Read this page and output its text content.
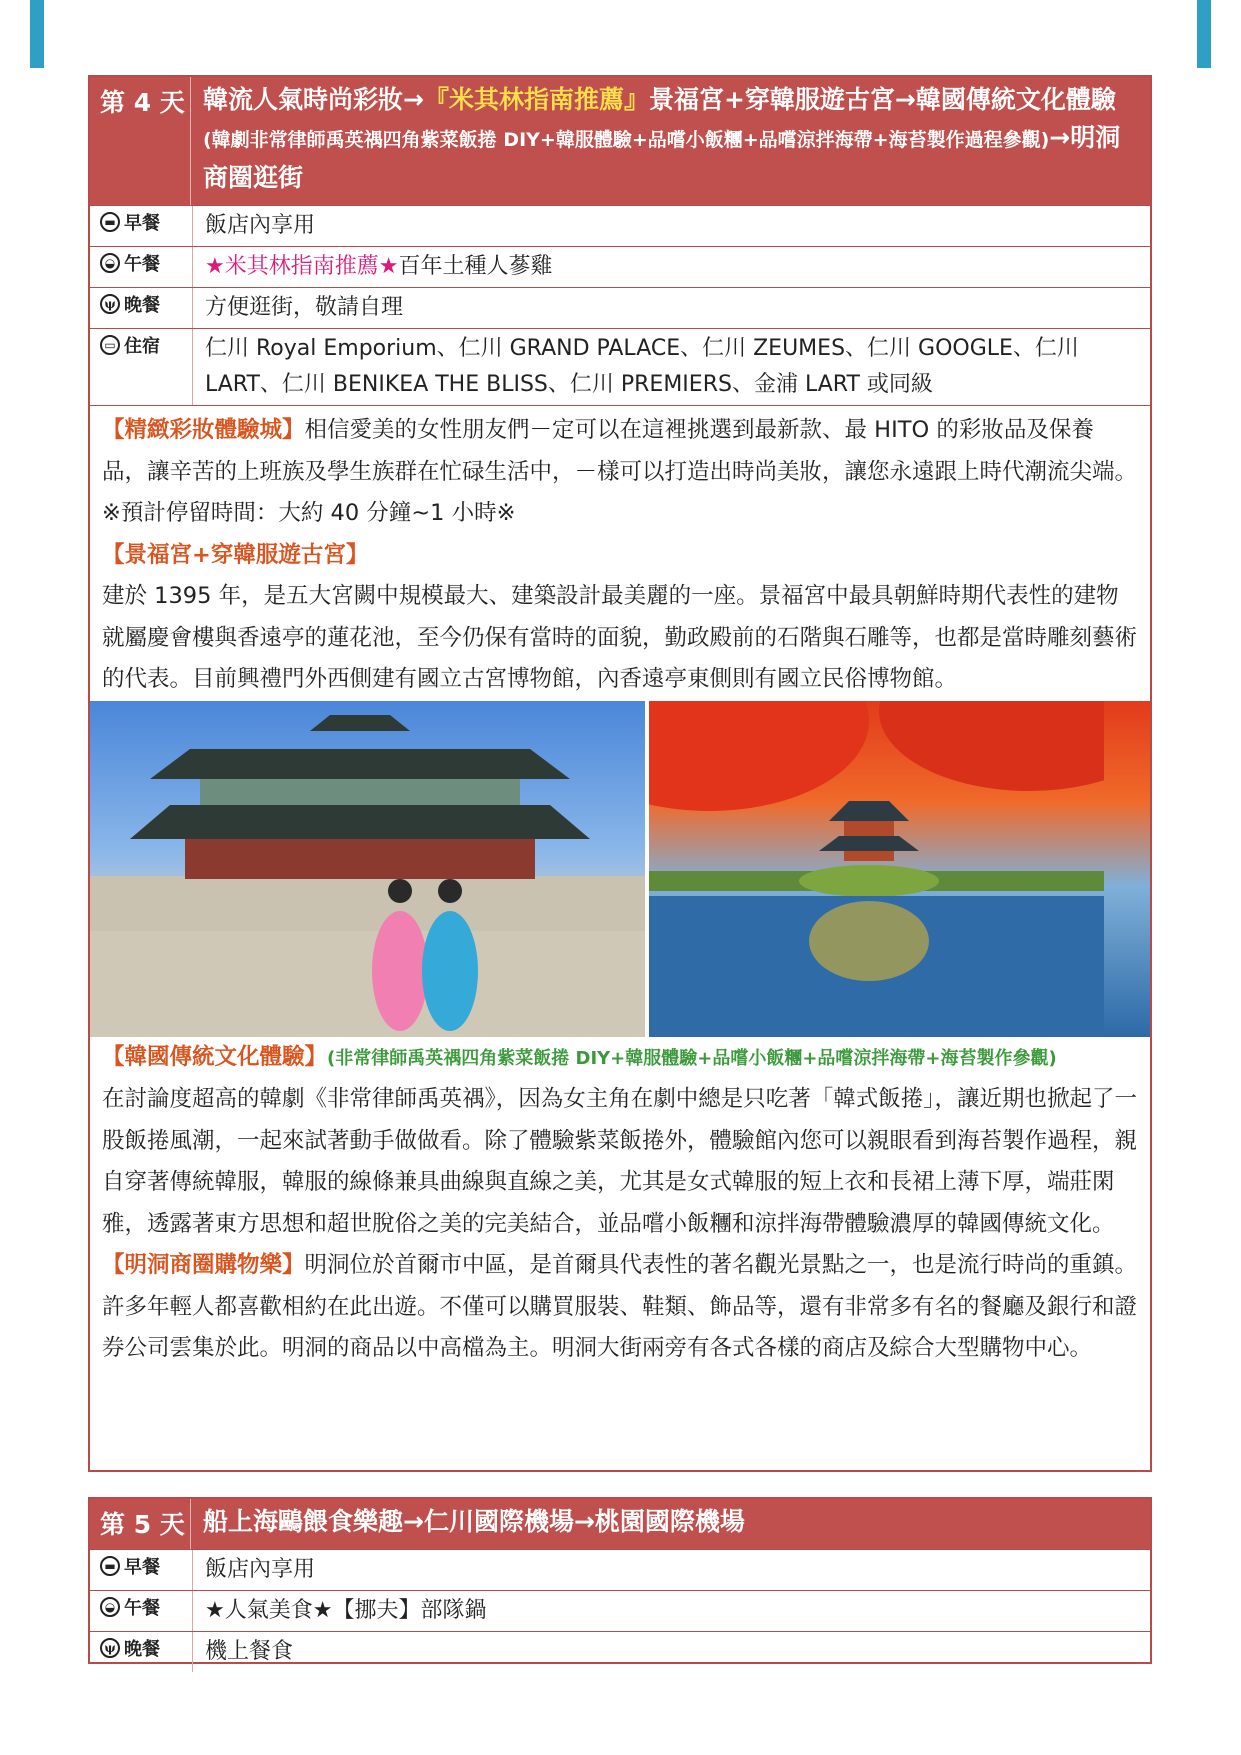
第 4 天 韓流人氣時尚彩妝→『米其林指南推薦』景福宮+穿韓服遊古宮→韓國傳統文化體驗(韓劇非常律師禹英禑四角紫菜飯捲 DIY+韓服體驗+品嚐小飯糰+品嚐涼拌海帶+海苔製作過程參觀)→明洞商圈逛街
▬ 早餐	飯店內享用
◒ 午餐	★米其林指南推薦★百年土種人蔘雞
ψ 晚餐	方便逛街，敬請自理
▭ 住宿	仁川 Royal Emporium、仁川 GRAND PALACE、仁川 ZEUMES、仁川 GOOGLE、仁川 LART、仁川 BENIKEA THE BLISS、仁川 PREMIERS、金浦 LART 或同級

【精緻彩妝體驗城】相信愛美的女性朋友們－定可以在這裡挑選到最新款、最 HITO 的彩妝品及保養品，讓辛苦的上班族及學生族群在忙碌生活中，－樣可以打造出時尚美妝，讓您永遠跟上時代潮流尖端。 ※預計停留時間：大約 40 分鐘~1 小時※

【景福宮+穿韓服遊古宮】

建於 1395 年，是五大宮闕中規模最大、建築設計最美麗的一座。景福宮中最具朝鮮時期代表性的建物就屬慶會樓與香遠亭的蓮花池，至今仍保有當時的面貌，勤政殿前的石階與石雕等，也都是當時雕刻藝術的代表。目前興禮門外西側建有國立古宮博物館，內香遠亭東側則有國立民俗博物館。

【韓國傳統文化體驗】(非常律師禹英禑四角紫菜飯捲 DIY+韓服體驗+品嚐小飯糰+品嚐涼拌海帶+海苔製作參觀)

在討論度超高的韓劇《非常律師禹英禑》，因為女主角在劇中總是只吃著「韓式飯捲」，讓近期也掀起了一股飯捲風潮，一起來試著動手做做看。除了體驗紫菜飯捲外，體驗館內您可以親眼看到海苔製作過程，親自穿著傳統韓服，韓服的線條兼具曲線與直線之美，尤其是女式韓服的短上衣和長裙上薄下厚，端莊閑雅，透露著東方思想和超世脫俗之美的完美結合，並品嚐小飯糰和涼拌海帶體驗濃厚的韓國傳統文化。

【明洞商圈購物樂】明洞位於首爾市中區，是首爾具代表性的著名觀光景點之一，也是流行時尚的重鎮。許多年輕人都喜歡相約在此出遊。不僅可以購買服裝、鞋類、飾品等，還有非常多有名的餐廳及銀行和證券公司雲集於此。明洞的商品以中高檔為主。明洞大街兩旁有各式各樣的商店及綜合大型購物中心。

第 5 天 船上海鷗餵食樂趣→仁川國際機場→桃園國際機場
▬ 早餐	飯店內享用
◒ 午餐	★人氣美食★【挪夫】部隊鍋
ψ 晚餐	機上餐食
